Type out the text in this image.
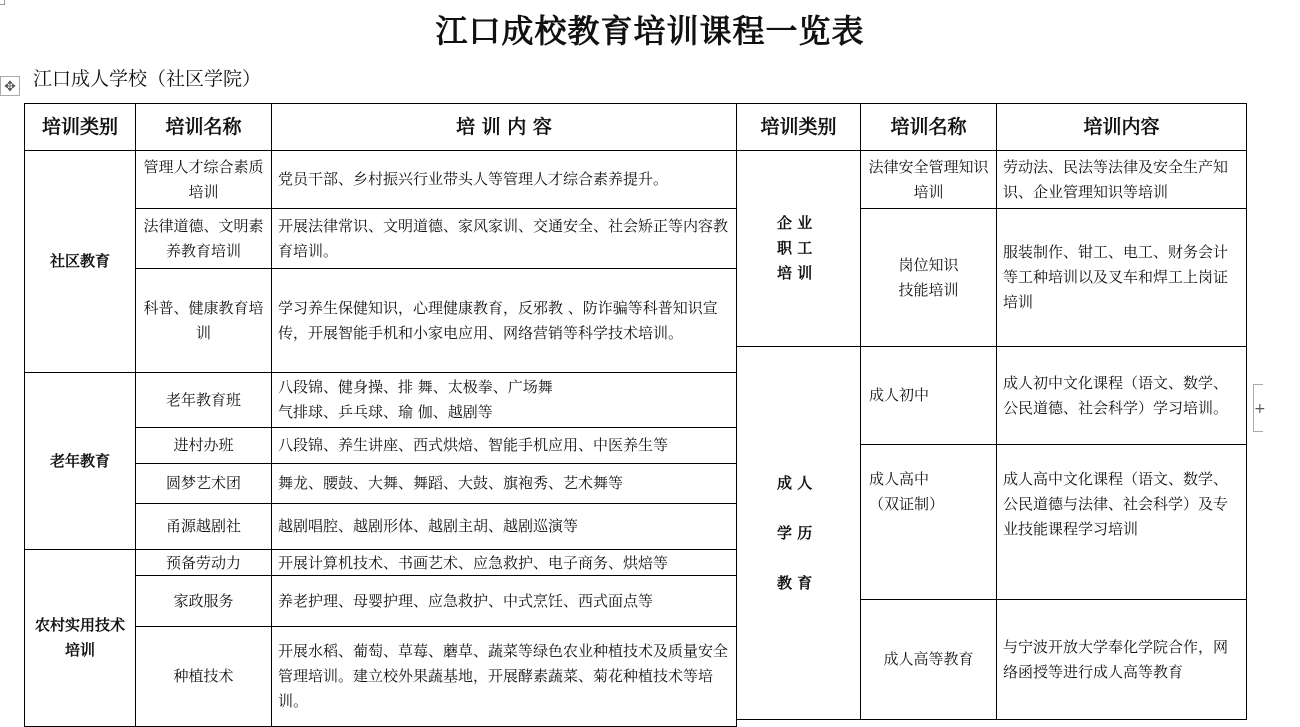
江口成校教育培训课程一览表
✥ 江口成人学校（社区学院）
培训类别	培训名称	培 训 内 容
社区教育	管理人才综合素质培训	党员干部、乡村振兴行业带头人等管理人才综合素养提升。
	法律道德、文明素养教育培训	开展法律常识、文明道德、家风家训、交通安全、社会矫正等内容教育培训。
	科普、健康教育培训	学习养生保健知识，心理健康教育，反邪教 、防诈骗等科普知识宣传，开展智能手机和小家电应用、网络营销等科学技术培训。
老年教育	老年教育班	八段锦、健身操、排 舞、太极拳、广场舞
气排球、乒乓球、瑜 伽、越剧等

	进村办班	八段锦、养生讲座、西式烘焙、智能手机应用、中医养生等
	圆梦艺术团	舞龙、腰鼓、大舞、舞蹈、大鼓、旗袍秀、艺术舞等
	甬源越剧社	越剧唱腔、越剧形体、越剧主胡、越剧巡演等
农村实用技术培训	预备劳动力	开展计算机技术、书画艺术、应急救护、电子商务、烘焙等
	家政服务	养老护理、母婴护理、应急救护、中式烹饪、西式面点等
	种植技术	开展水稻、葡萄、草莓、蘑草、蔬菜等绿色农业种植技术及质量安全管理培训。建立校外果蔬基地，开展酵素蔬菜、菊花种植技术等培训。
培训类别	培训名称	培训内容

企 业
职 工
培 训	法律安全管理知识培训	劳动法、民法等法律及安全生产知识、企业管理知识等培训

	岗位知识
技能培训	服装制作、钳工、电工、财务会计等工种培训以及叉车和焊工上岗证培训

成 人
学 历
教 育	成人初中	成人初中文化课程（语文、数学、公民道德、社会科学）学习培训。

	成人高中
（双证制）	成人高中文化课程（语文、数学、公民道德与法律、社会科学）及专业技能课程学习培训
	成人高等教育	与宁波开放大学奉化学院合作，网络函授等进行成人高等教育
+
